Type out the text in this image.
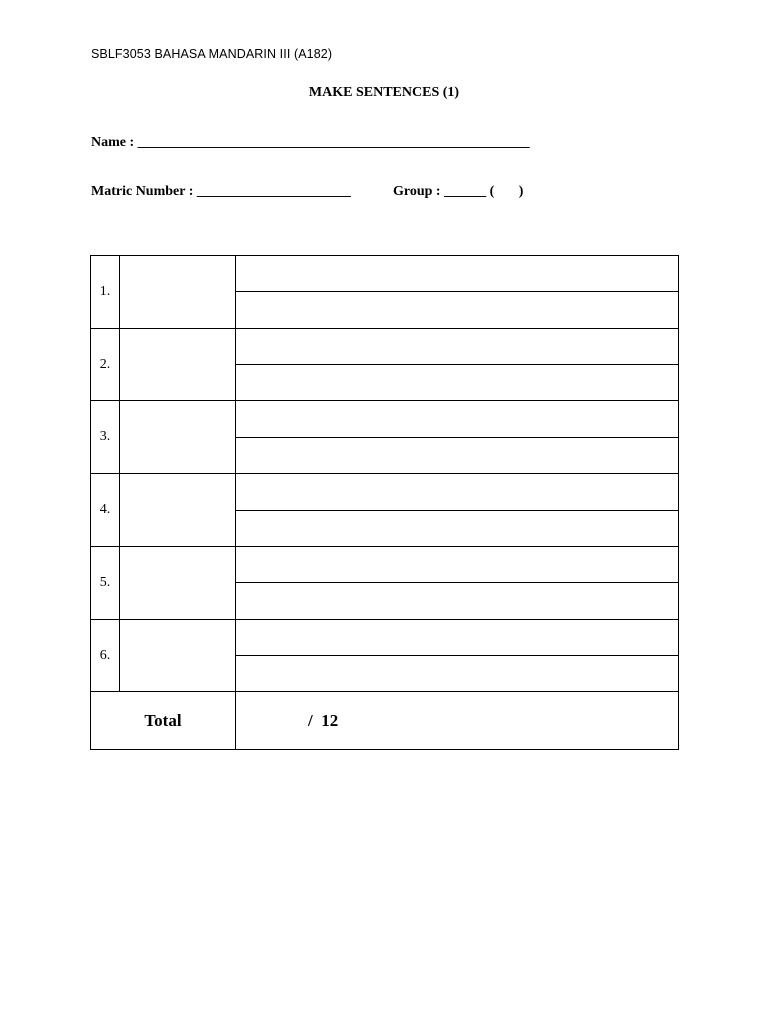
SBLF3053 BAHASA MANDARIN III (A182)
MAKE SENTENCES (1)
Name : ________________________________________________________
Matric Number : ______________________	Group : ______ ( )
1.		

2.		

3.		

4.		

5.		

6.		

Total		/  12
